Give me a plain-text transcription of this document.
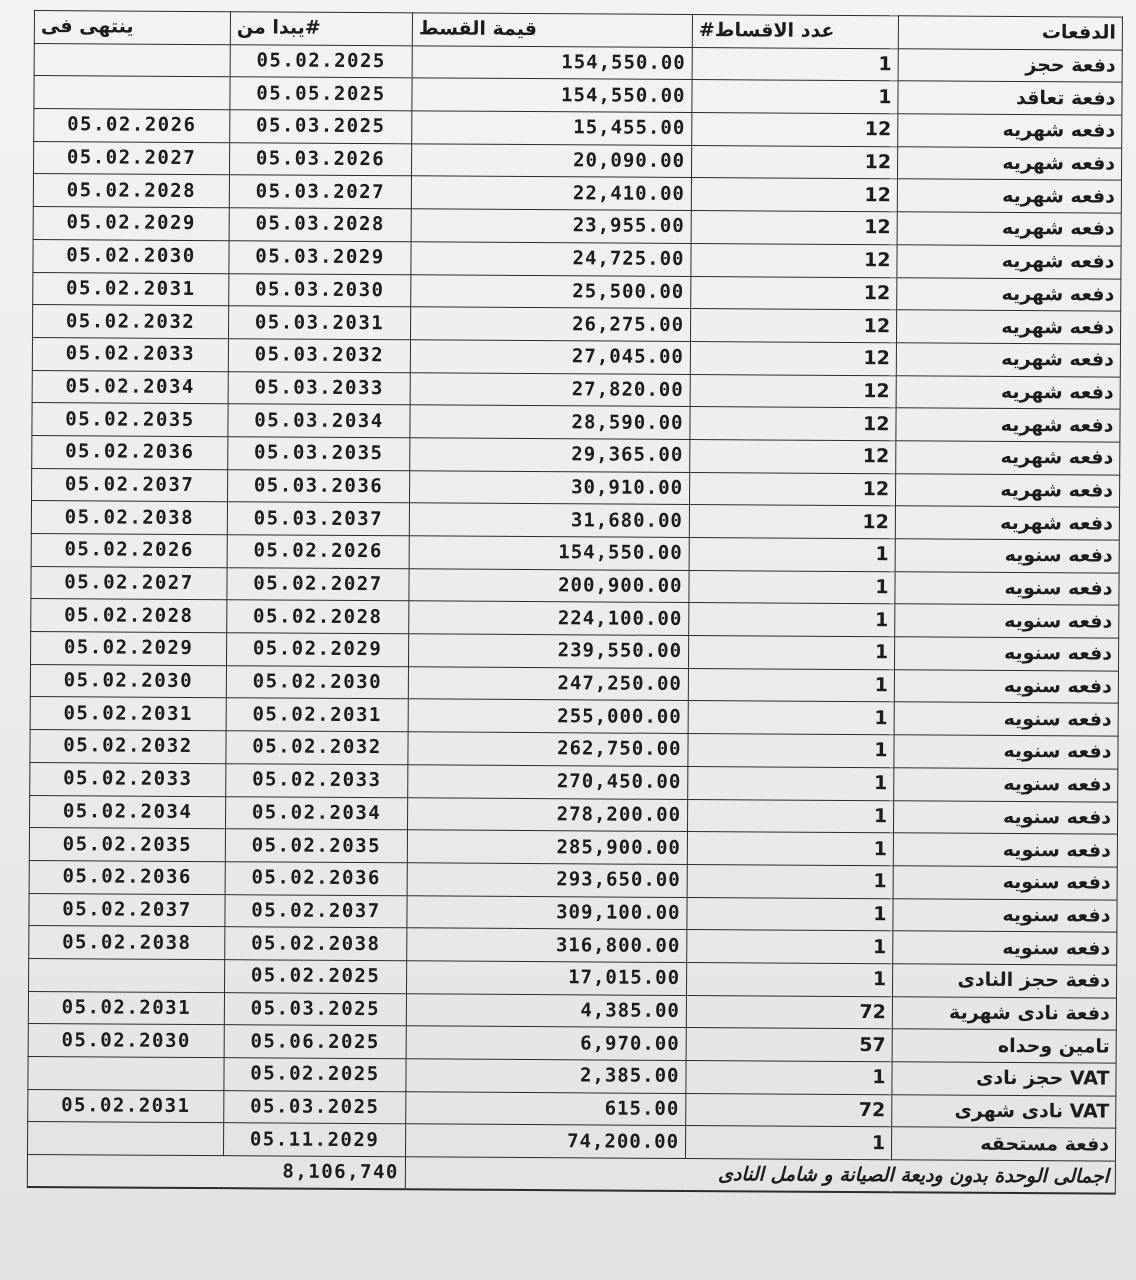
ينتهى فى	#يبدا من	قيمة القسط	عدد الاقساط#	الدفعات
	05.02.2025	154,550.00	1	دفعة حجز
	05.05.2025	154,550.00	1	دفعة تعاقد
05.02.2026	05.03.2025	15,455.00	12	دفعه شهريه
05.02.2027	05.03.2026	20,090.00	12	دفعه شهريه
05.02.2028	05.03.2027	22,410.00	12	دفعه شهريه
05.02.2029	05.03.2028	23,955.00	12	دفعه شهريه
05.02.2030	05.03.2029	24,725.00	12	دفعه شهريه
05.02.2031	05.03.2030	25,500.00	12	دفعه شهريه
05.02.2032	05.03.2031	26,275.00	12	دفعه شهريه
05.02.2033	05.03.2032	27,045.00	12	دفعه شهريه
05.02.2034	05.03.2033	27,820.00	12	دفعه شهريه
05.02.2035	05.03.2034	28,590.00	12	دفعه شهريه
05.02.2036	05.03.2035	29,365.00	12	دفعه شهريه
05.02.2037	05.03.2036	30,910.00	12	دفعه شهريه
05.02.2038	05.03.2037	31,680.00	12	دفعه شهريه
05.02.2026	05.02.2026	154,550.00	1	دفعه سنويه
05.02.2027	05.02.2027	200,900.00	1	دفعه سنويه
05.02.2028	05.02.2028	224,100.00	1	دفعه سنويه
05.02.2029	05.02.2029	239,550.00	1	دفعه سنويه
05.02.2030	05.02.2030	247,250.00	1	دفعه سنويه
05.02.2031	05.02.2031	255,000.00	1	دفعه سنويه
05.02.2032	05.02.2032	262,750.00	1	دفعه سنويه
05.02.2033	05.02.2033	270,450.00	1	دفعه سنويه
05.02.2034	05.02.2034	278,200.00	1	دفعه سنويه
05.02.2035	05.02.2035	285,900.00	1	دفعه سنويه
05.02.2036	05.02.2036	293,650.00	1	دفعه سنويه
05.02.2037	05.02.2037	309,100.00	1	دفعه سنويه
05.02.2038	05.02.2038	316,800.00	1	دفعه سنويه
	05.02.2025	17,015.00	1	دفعة حجز النادى
05.02.2031	05.03.2025	4,385.00	72	دفعة نادى شهرية
05.02.2030	05.06.2025	6,970.00	57	تامين وحداه
	05.02.2025	2,385.00	1	VAT حجز نادى
05.02.2031	05.03.2025	615.00	72	VAT نادى شهرى
	05.11.2029	74,200.00	1	دفعة مستحقه
8,106,740		اجمالى الوحدة بدون وديعة الصيانة و شامل النادى		
